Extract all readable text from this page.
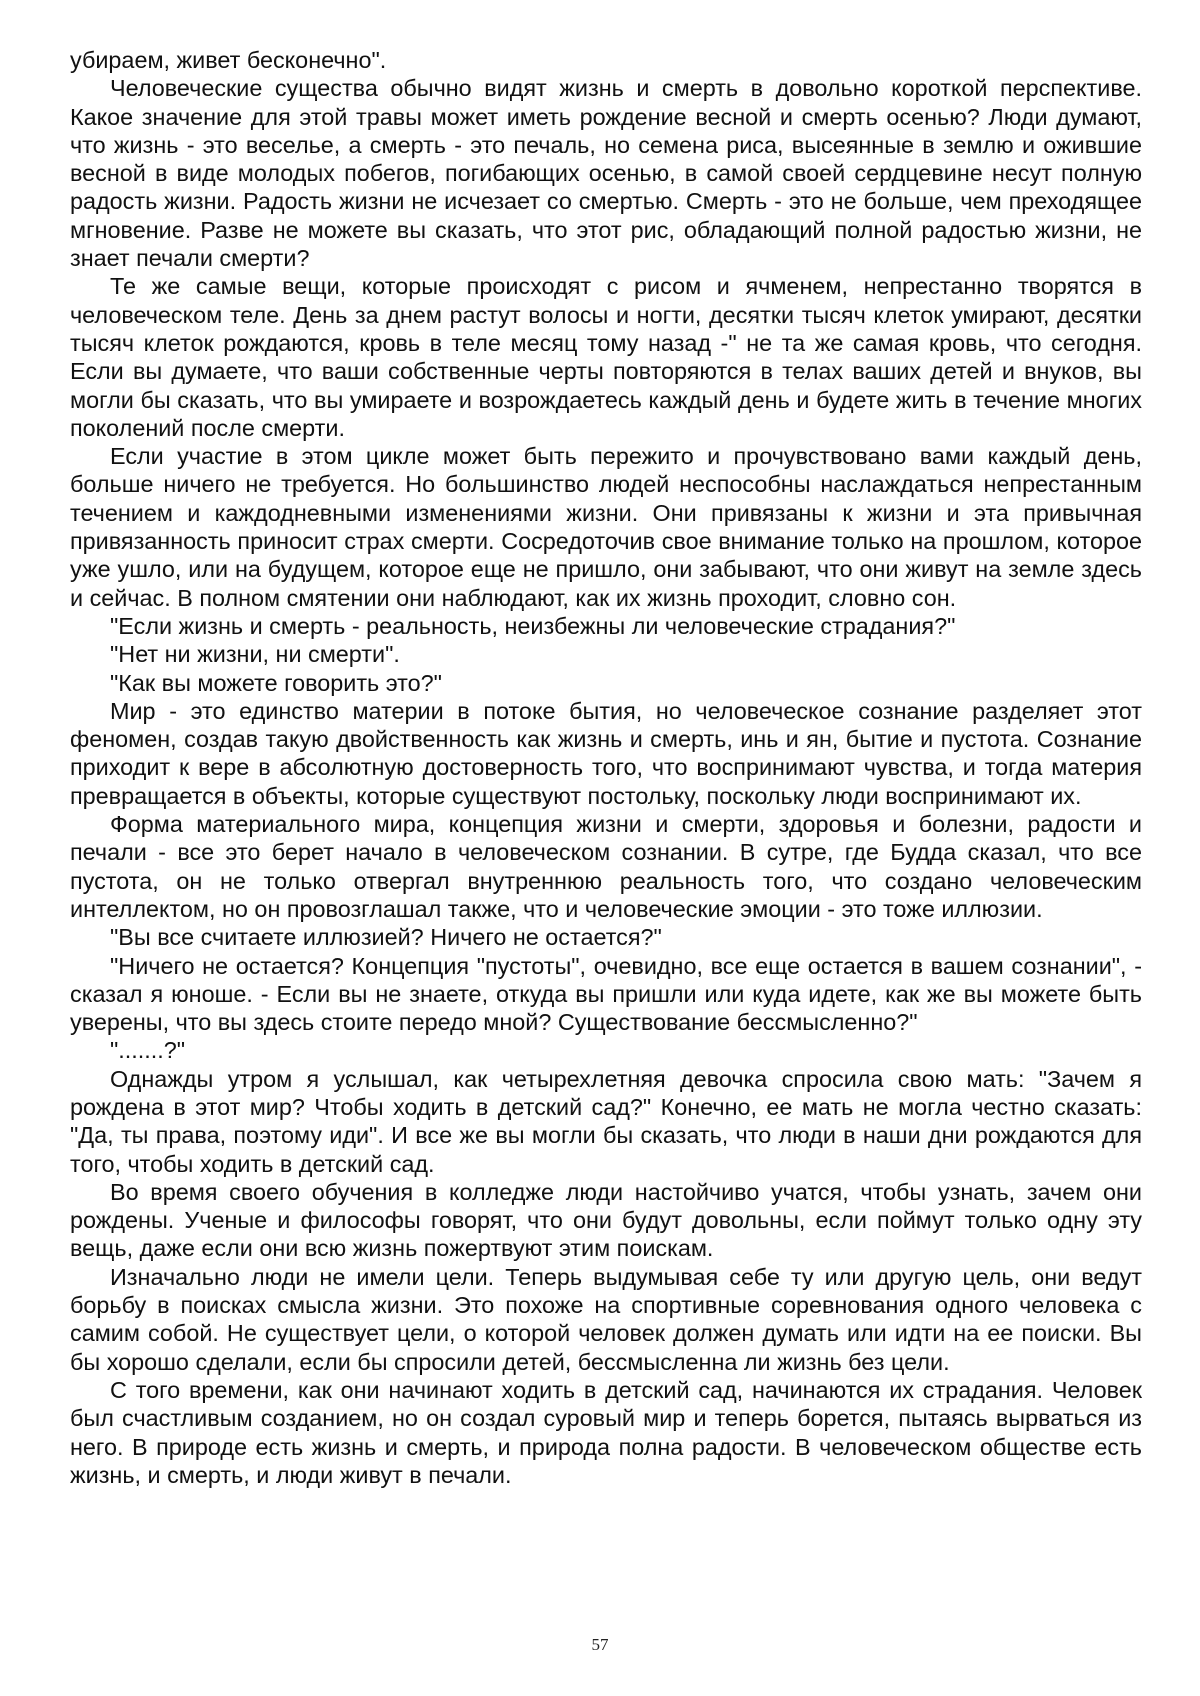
убираем, живет бесконечно".

Человеческие существа обычно видят жизнь и смерть в довольно короткой перспективе. Какое значение для этой травы может иметь рождение весной и смерть осенью? Люди думают, что жизнь - это веселье, а смерть - это печаль, но семена риса, высеянные в землю и ожившие весной в виде молодых побегов, погибающих осенью, в самой своей сердцевине несут полную радость жизни. Радость жизни не исчезает со смертью. Смерть - это не больше, чем преходящее мгновение. Разве не можете вы сказать, что этот рис, обладающий полной радостью жизни, не знает печали смерти?

Те же самые вещи, которые происходят с рисом и ячменем, непрестанно творятся в человеческом теле. День за днем растут волосы и ногти, десятки тысяч клеток умирают, десятки тысяч клеток рождаются, кровь в теле месяц тому назад -" не та же самая кровь, что сегодня. Если вы думаете, что ваши собственные черты повторяются в телах ваших детей и внуков, вы могли бы сказать, что вы умираете и возрождаетесь каждый день и будете жить в течение многих поколений после смерти.

Если участие в этом цикле может быть пережито и прочувствовано вами каждый день, больше ничего не требуется. Но большинство людей неспособны наслаждаться непрестанным течением и каждодневными изменениями жизни. Они привязаны к жизни и эта привычная привязанность приносит страх смерти. Сосредоточив свое внимание только на прошлом, которое уже ушло, или на будущем, которое еще не пришло, они забывают, что они живут на земле здесь и сейчас. В полном смятении они наблюдают, как их жизнь проходит, словно сон.

"Если жизнь и смерть - реальность, неизбежны ли человеческие страдания?"

"Нет ни жизни, ни смерти".

"Как вы можете говорить это?"

Мир - это единство материи в потоке бытия, но человеческое сознание разделяет этот феномен, создав такую двойственность как жизнь и смерть, инь и ян, бытие и пустота. Сознание приходит к вере в абсолютную достоверность того, что воспринимают чувства, и тогда материя превращается в объекты, которые существуют постольку, поскольку люди воспринимают их.

Форма материального мира, концепция жизни и смерти, здоровья и болезни, радости и печали - все это берет начало в человеческом сознании. В сутре, где Будда сказал, что все пустота, он не только отвергал внутреннюю реальность того, что создано человеческим интеллектом, но он провозглашал также, что и человеческие эмоции - это тоже иллюзии.

"Вы все считаете иллюзией? Ничего не остается?"

"Ничего не остается? Концепция "пустоты", очевидно, все еще остается в вашем сознании", - сказал я юноше. - Если вы не знаете, откуда вы пришли или куда идете, как же вы можете быть уверены, что вы здесь стоите передо мной? Существование бессмысленно?"

".......?"

Однажды утром я услышал, как четырехлетняя девочка спросила свою мать: "Зачем я рождена в этот мир? Чтобы ходить в детский сад?" Конечно, ее мать не могла честно сказать: "Да, ты права, поэтому иди". И все же вы могли бы сказать, что люди в наши дни рождаются для того, чтобы ходить в детский сад.

Во время своего обучения в колледже люди настойчиво учатся, чтобы узнать, зачем они рождены. Ученые и философы говорят, что они будут довольны, если поймут только одну эту вещь, даже если они всю жизнь пожертвуют этим поискам.

Изначально люди не имели цели. Теперь выдумывая себе ту или другую цель, они ведут борьбу в поисках смысла жизни. Это похоже на спортивные соревнования одного человека с самим собой. Не существует цели, о которой человек должен думать или идти на ее поиски. Вы бы хорошо сделали, если бы спросили детей, бессмысленна ли жизнь без цели.

С того времени, как они начинают ходить в детский сад, начинаются их страдания. Человек был счастливым созданием, но он создал суровый мир и теперь борется, пытаясь вырваться из него. В природе есть жизнь и смерть, и природа полна радости. В человеческом обществе есть жизнь, и смерть, и люди живут в печали.

57
